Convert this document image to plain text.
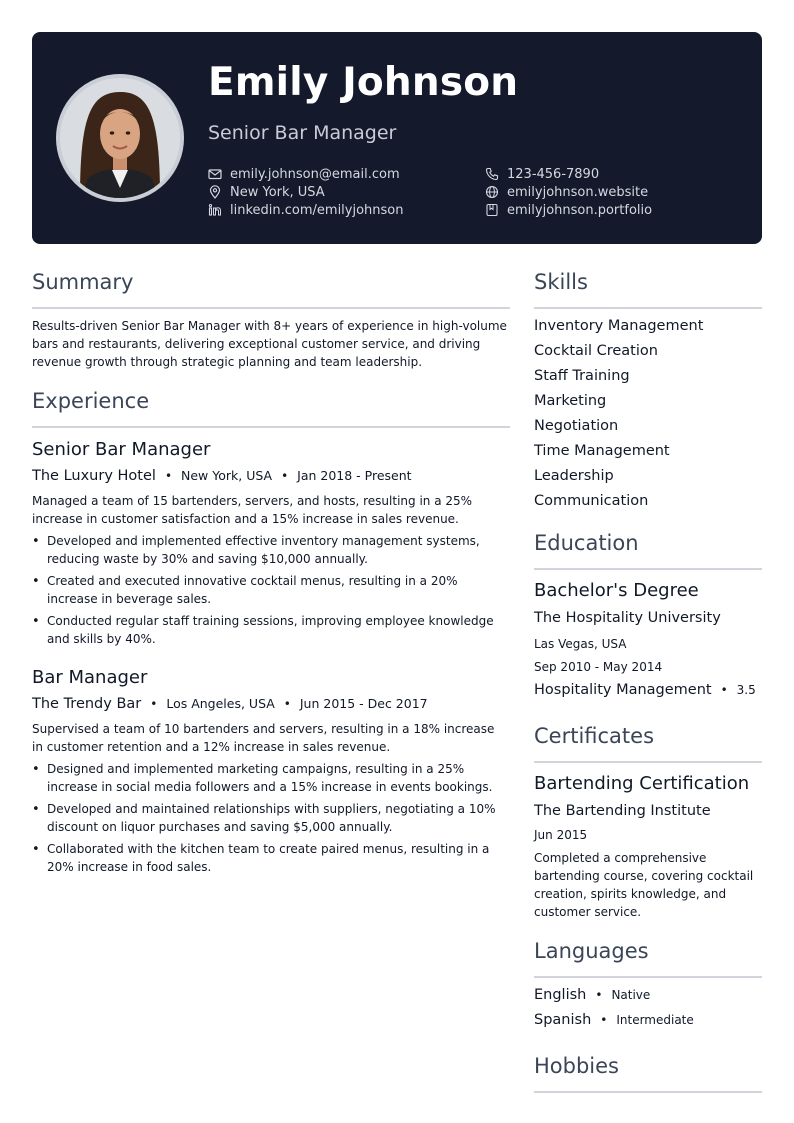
Emily Johnson
Senior Bar Manager
emily.johnson@email.com
New York, USA
linkedin.com/emilyjohnson
123-456-7890
emilyjohnson.website
emilyjohnson.portfolio
Summary
Results-driven Senior Bar Manager with 8+ years of experience in high-volume bars and restaurants, delivering exceptional customer service, and driving revenue growth through strategic planning and team leadership.
Experience
Senior Bar Manager
The Luxury Hotel • New York, USA • Jan 2018 - Present
Managed a team of 15 bartenders, servers, and hosts, resulting in a 25% increase in customer satisfaction and a 15% increase in sales revenue.
• Developed and implemented effective inventory management systems, reducing waste by 30% and saving $10,000 annually.
• Created and executed innovative cocktail menus, resulting in a 20% increase in beverage sales.
• Conducted regular staff training sessions, improving employee knowledge and skills by 40%.
Bar Manager
The Trendy Bar • Los Angeles, USA • Jun 2015 - Dec 2017
Supervised a team of 10 bartenders and servers, resulting in a 18% increase in customer retention and a 12% increase in sales revenue.
• Designed and implemented marketing campaigns, resulting in a 25% increase in social media followers and a 15% increase in events bookings.
• Developed and maintained relationships with suppliers, negotiating a 10% discount on liquor purchases and saving $5,000 annually.
• Collaborated with the kitchen team to create paired menus, resulting in a 20% increase in food sales.
Skills
Inventory Management
Cocktail Creation
Staff Training
Marketing
Negotiation
Time Management
Leadership
Communication
Education
Bachelor's Degree
The Hospitality University
Las Vegas, USA
Sep 2010 - May 2014
Hospitality Management • 3.5
Certificates
Bartending Certification
The Bartending Institute
Jun 2015
Completed a comprehensive bartending course, covering cocktail creation, spirits knowledge, and customer service.
Languages
English • Native
Spanish • Intermediate
Hobbies
